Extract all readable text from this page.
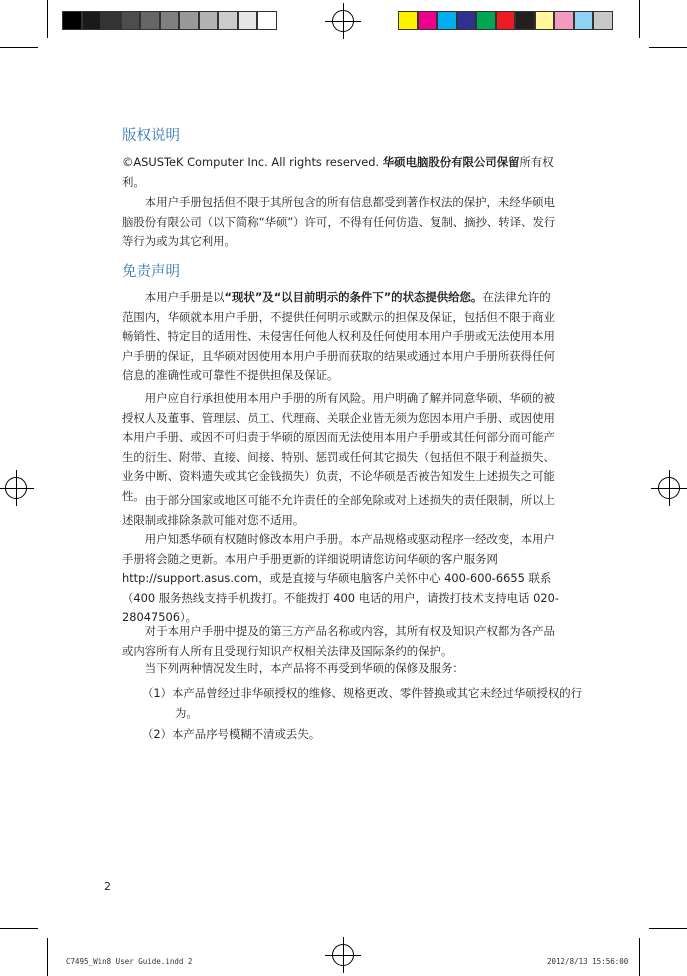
版权说明

©ASUSTeK Computer Inc. All rights reserved. 华硕电脑股份有限公司保留所有权利。

本用户手册包括但不限于其所包含的所有信息都受到著作权法的保护，未经华硕电脑股份有限公司（以下简称“华硕”）许可，不得有任何仿造、复制、摘抄、转译、发行等行为或为其它利用。

免责声明

本用户手册是以“现状”及“以目前明示的条件下”的状态提供给您。在法律允许的范围内，华硕就本用户手册，不提供任何明示或默示的担保及保证，包括但不限于商业畅销性、特定目的适用性、未侵害任何他人权利及任何使用本用户手册或无法使用本用户手册的保证，且华硕对因使用本用户手册而获取的结果或通过本用户手册所获得任何信息的准确性或可靠性不提供担保及保证。

用户应自行承担使用本用户手册的所有风险。用户明确了解并同意华硕、华硕的被授权人及董事、管理层、员工、代理商、关联企业皆无须为您因本用户手册、或因使用本用户手册、或因不可归责于华硕的原因而无法使用本用户手册或其任何部分而可能产生的衍生、附带、直接、间接、特别、惩罚或任何其它损失（包括但不限于利益损失、业务中断、资料遗失或其它金钱损失）负责，不论华硕是否被告知发生上述损失之可能性。 由于部分国家或地区可能不允许责任的全部免除或对上述损失的责任限制，所以上述限制或排除条款可能对您不适用。

用户知悉华硕有权随时修改本用户手册。本产品规格或驱动程序一经改变，本用户手册将会随之更新。本用户手册更新的详细说明请您访问华硕的客户服务网 http://support.asus.com，或是直接与华硕电脑客户关怀中心 400-600-6655 联系（400 服务热线支持手机拨打。不能拨打 400 电话的用户，请拨打技术支持电话 020-28047506）。

对于本用户手册中提及的第三方产品名称或内容，其所有权及知识产权都为各产品或内容所有人所有且受现行知识产权相关法律及国际条约的保护。

当下列两种情况发生时，本产品将不再受到华硕的保修及服务：

（1）本产品曾经过非华硕授权的维修、规格更改、零件替换或其它未经过华硕授权的行为。

（2）本产品序号模糊不清或丢失。

2
C7495_Win8 User Guide.indd 2	2012/8/13 15:56:00
